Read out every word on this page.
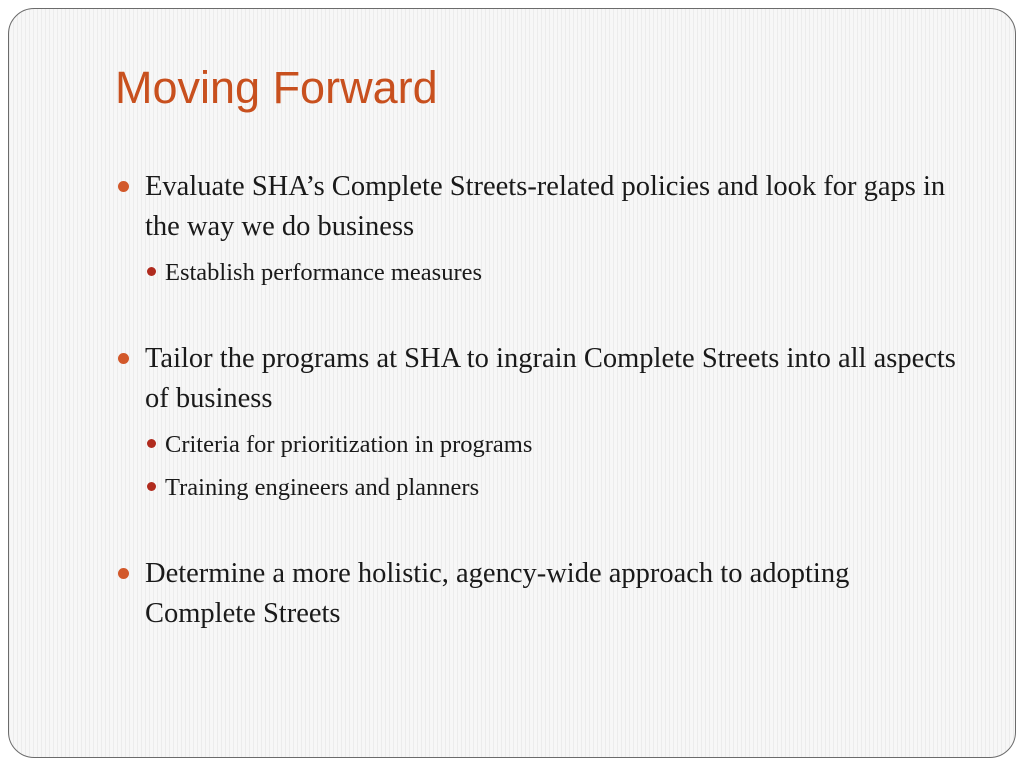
Moving Forward
Evaluate SHA’s Complete Streets-related policies and look for gaps in the way we do business
Establish performance measures
Tailor the programs at SHA to ingrain Complete Streets into all aspects of business
Criteria for prioritization in programs
Training engineers and planners
Determine a more holistic, agency-wide approach to adopting Complete Streets
